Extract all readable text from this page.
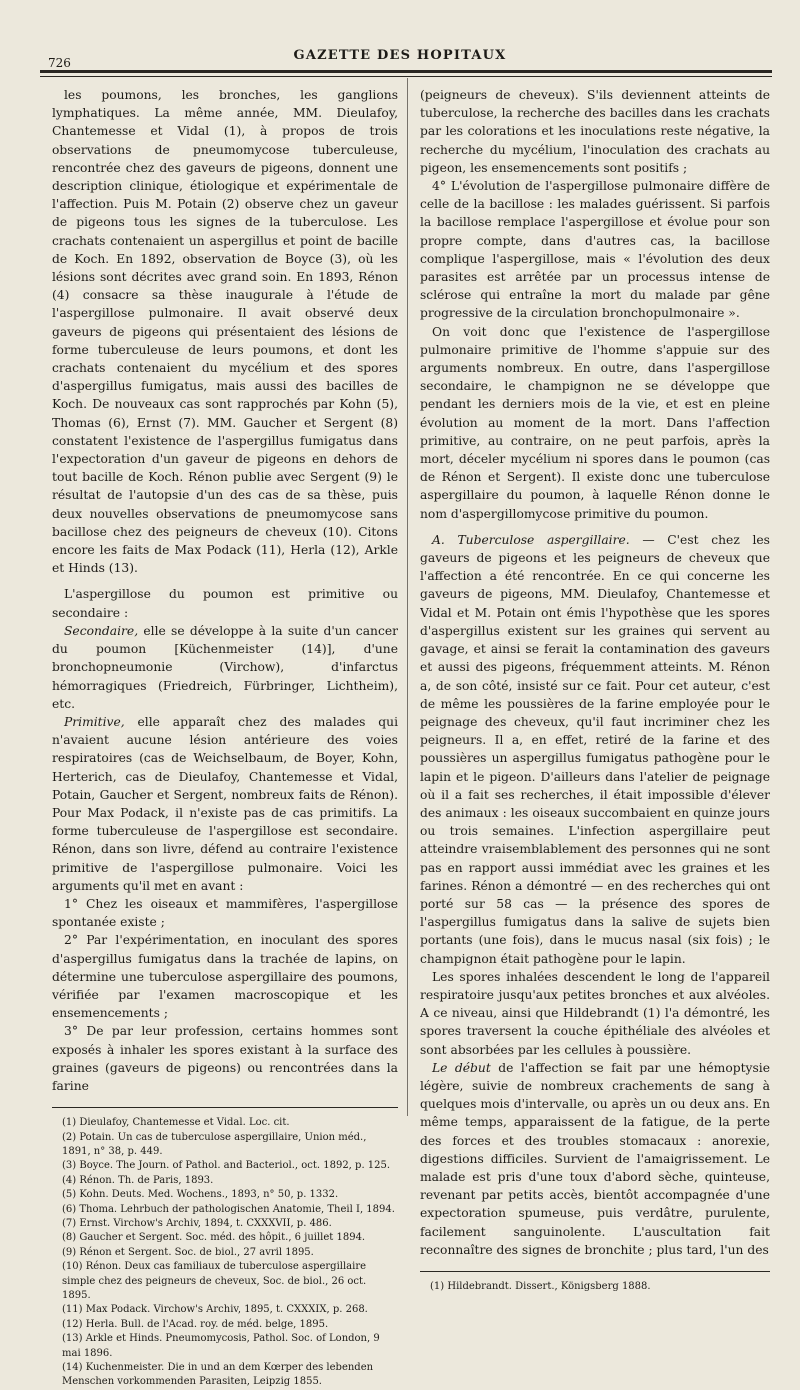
726	GAZETTE DES HOPITAUX

les poumons, les bronches, les ganglions lymphatiques. La même année, MM. Dieulafoy, Chantemesse et Vidal (1), à propos de trois observations de pneumomycose tuberculeuse, rencontrée chez des gaveurs de pigeons, donnent une description clinique, étiologique et expérimentale de l'affection. Puis M. Potain (2) observe chez un gaveur de pigeons tous les signes de la tuberculose. Les crachats contenaient un aspergillus et point de bacille de Koch. En 1892, observation de Boyce (3), où les lésions sont décrites avec grand soin. En 1893, Rénon (4) consacre sa thèse inaugurale à l'étude de l'aspergillose pulmonaire. Il avait observé deux gaveurs de pigeons qui présentaient des lésions de forme tuberculeuse de leurs poumons, et dont les crachats contenaient du mycélium et des spores d'aspergillus fumigatus, mais aussi des bacilles de Koch. De nouveaux cas sont rapprochés par Kohn (5), Thomas (6), Ernst (7). MM. Gaucher et Sergent (8) constatent l'existence de l'aspergillus fumigatus dans l'expectoration d'un gaveur de pigeons en dehors de tout bacille de Koch. Rénon publie avec Sergent (9) le résultat de l'autopsie d'un des cas de sa thèse, puis deux nouvelles observations de pneumomycose sans bacillose chez des peigneurs de cheveux (10). Citons encore les faits de Max Podack (11), Herla (12), Arkle et Hinds (13).

L'aspergillose du poumon est primitive ou secondaire :

Secondaire, elle se développe à la suite d'un cancer du poumon [Küchenmeister (14)], d'une bronchopneumonie (Virchow), d'infarctus hémorragiques (Friedreich, Fürbringer, Lichtheim), etc.

Primitive, elle apparaît chez des malades qui n'avaient aucune lésion antérieure des voies respiratoires (cas de Weichselbaum, de Boyer, Kohn, Herterich, cas de Dieulafoy, Chantemesse et Vidal, Potain, Gaucher et Sergent, nombreux faits de Rénon). Pour Max Podack, il n'existe pas de cas primitifs. La forme tuberculeuse de l'aspergillose est secondaire. Rénon, dans son livre, défend au contraire l'existence primitive de l'aspergillose pulmonaire. Voici les arguments qu'il met en avant :

1° Chez les oiseaux et mammifères, l'aspergillose spontanée existe ;

2° Par l'expérimentation, en inoculant des spores d'aspergillus fumigatus dans la trachée de lapins, on détermine une tuberculose aspergillaire des poumons, vérifiée par l'examen macroscopique et les ensemencements ;

3° De par leur profession, certains hommes sont exposés à inhaler les spores existant à la surface des graines (gaveurs de pigeons) ou rencontrées dans la farine

(1) Dieulafoy, Chantemesse et Vidal. Loc. cit.

(2) Potain. Un cas de tuberculose aspergillaire, Union méd., 1891, n° 38, p. 449.

(3) Boyce. The Journ. of Pathol. and Bacteriol., oct. 1892, p. 125.

(4) Rénon. Th. de Paris, 1893.

(5) Kohn. Deuts. Med. Wochens., 1893, n° 50, p. 1332.

(6) Thoma. Lehrbuch der pathologischen Anatomie, Theil I, 1894.

(7) Ernst. Virchow's Archiv, 1894, t. CXXXVII, p. 486.

(8) Gaucher et Sergent. Soc. méd. des hôpit., 6 juillet 1894.

(9) Rénon et Sergent. Soc. de biol., 27 avril 1895.

(10) Rénon. Deux cas familiaux de tuberculose aspergillaire simple chez des peigneurs de cheveux, Soc. de biol., 26 oct. 1895.

(11) Max Podack. Virchow's Archiv, 1895, t. CXXXIX, p. 268.

(12) Herla. Bull. de l'Acad. roy. de méd. belge, 1895.

(13) Arkle et Hinds. Pneumomycosis, Pathol. Soc. of London, 9 mai 1896.

(14) Kuchenmeister. Die in und an dem Kœrper des lebenden Menschen vorkommenden Parasiten, Leipzig 1855.

(peigneurs de cheveux). S'ils deviennent atteints de tuberculose, la recherche des bacilles dans les crachats par les colorations et les inoculations reste négative, la recherche du mycélium, l'inoculation des crachats au pigeon, les ensemencements sont positifs ;

4° L'évolution de l'aspergillose pulmonaire diffère de celle de la bacillose : les malades guérissent. Si parfois la bacillose remplace l'aspergillose et évolue pour son propre compte, dans d'autres cas, la bacillose complique l'aspergillose, mais « l'évolution des deux parasites est arrêtée par un processus intense de sclérose qui entraîne la mort du malade par gêne progressive de la circulation bronchopulmonaire ».

On voit donc que l'existence de l'aspergillose pulmonaire primitive de l'homme s'appuie sur des arguments nombreux. En outre, dans l'aspergillose secondaire, le champignon ne se développe que pendant les derniers mois de la vie, et est en pleine évolution au moment de la mort. Dans l'affection primitive, au contraire, on ne peut parfois, après la mort, déceler mycélium ni spores dans le poumon (cas de Rénon et Sergent). Il existe donc une tuberculose aspergillaire du poumon, à laquelle Rénon donne le nom d'aspergillomycose primitive du poumon.

A. Tuberculose aspergillaire. — C'est chez les gaveurs de pigeons et les peigneurs de cheveux que l'affection a été rencontrée. En ce qui concerne les gaveurs de pigeons, MM. Dieulafoy, Chantemesse et Vidal et M. Potain ont émis l'hypothèse que les spores d'aspergillus existent sur les graines qui servent au gavage, et ainsi se ferait la contamination des gaveurs et aussi des pigeons, fréquemment atteints. M. Rénon a, de son côté, insisté sur ce fait. Pour cet auteur, c'est de même les poussières de la farine employée pour le peignage des cheveux, qu'il faut incriminer chez les peigneurs. Il a, en effet, retiré de la farine et des poussières un aspergillus fumigatus pathogène pour le lapin et le pigeon. D'ailleurs dans l'atelier de peignage où il a fait ses recherches, il était impossible d'élever des animaux : les oiseaux succombaient en quinze jours ou trois semaines. L'infection aspergillaire peut atteindre vraisemblablement des personnes qui ne sont pas en rapport aussi immédiat avec les graines et les farines. Rénon a démontré — en des recherches qui ont porté sur 58 cas — la présence des spores de l'aspergillus fumigatus dans la salive de sujets bien portants (une fois), dans le mucus nasal (six fois) ; le champignon était pathogène pour le lapin.

Les spores inhalées descendent le long de l'appareil respiratoire jusqu'aux petites bronches et aux alvéoles. A ce niveau, ainsi que Hildebrandt (1) l'a démontré, les spores traversent la couche épithéliale des alvéoles et sont absorbées par les cellules à poussière.

Le début de l'affection se fait par une hémoptysie légère, suivie de nombreux crachements de sang à quelques mois d'intervalle, ou après un ou deux ans. En même temps, apparaissent de la fatigue, de la perte des forces et des troubles stomacaux : anorexie, digestions difficiles. Survient de l'amaigrissement. Le malade est pris d'une toux d'abord sèche, quinteuse, revenant par petits accès, bientôt accompagnée d'une expectoration spumeuse, puis verdâtre, purulente, facilement sanguinolente. L'auscultation fait reconnaître des signes de bronchite ; plus tard, l'un des

(1) Hildebrandt. Dissert., Königsberg 1888.
